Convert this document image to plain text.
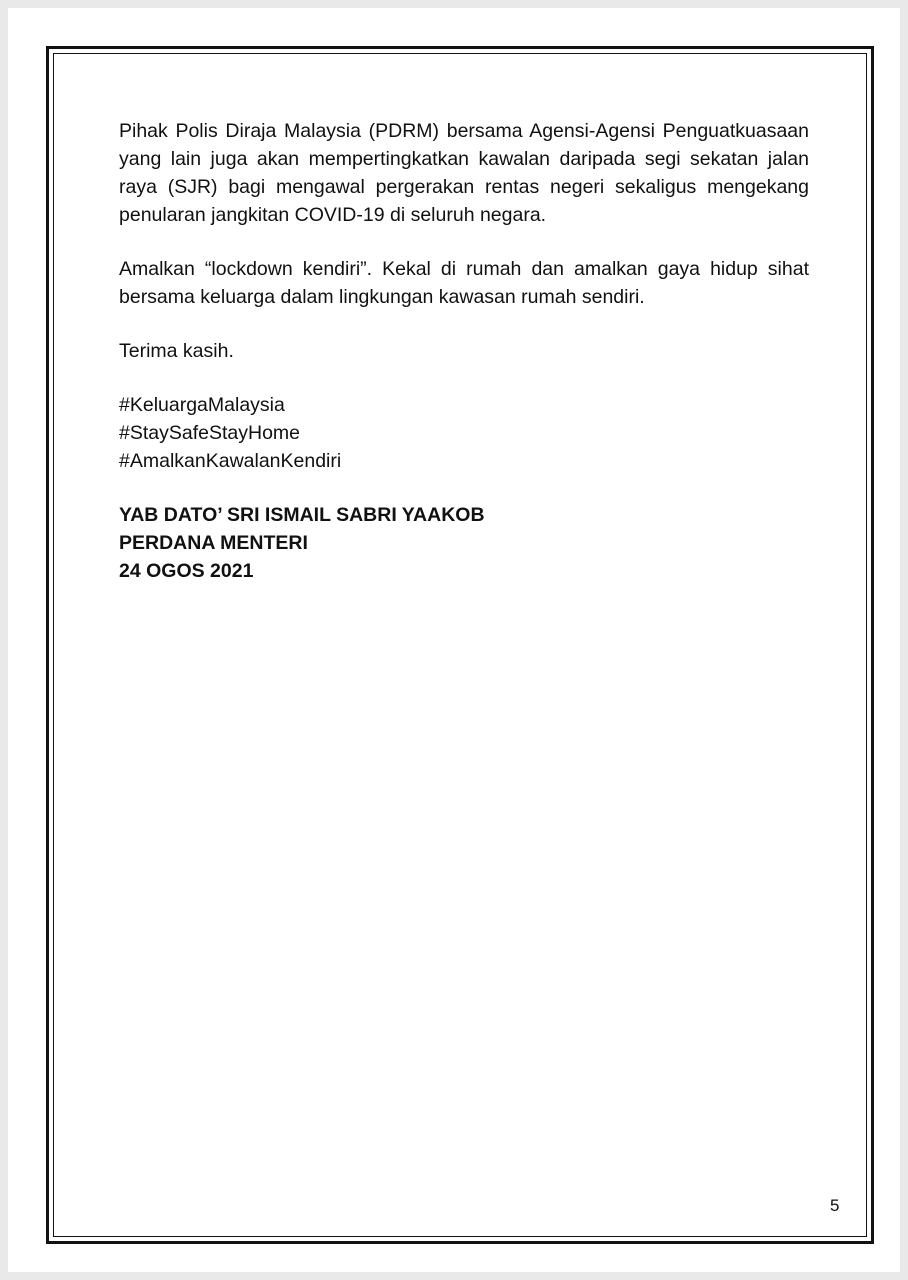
Pihak Polis Diraja Malaysia (PDRM) bersama Agensi-Agensi Penguatkuasaan yang lain juga akan mempertingkatkan kawalan daripada segi sekatan jalan raya (SJR) bagi mengawal pergerakan rentas negeri sekaligus mengekang penularan jangkitan COVID-19 di seluruh negara.

Amalkan “lockdown kendiri”. Kekal di rumah dan amalkan gaya hidup sihat bersama keluarga dalam lingkungan kawasan rumah sendiri.

Terima kasih.

#KeluargaMalaysia
#StaySafeStayHome
#AmalkanKawalanKendiri
YAB DATO’ SRI ISMAIL SABRI YAAKOB
PERDANA MENTERI
24 OGOS 2021
5
